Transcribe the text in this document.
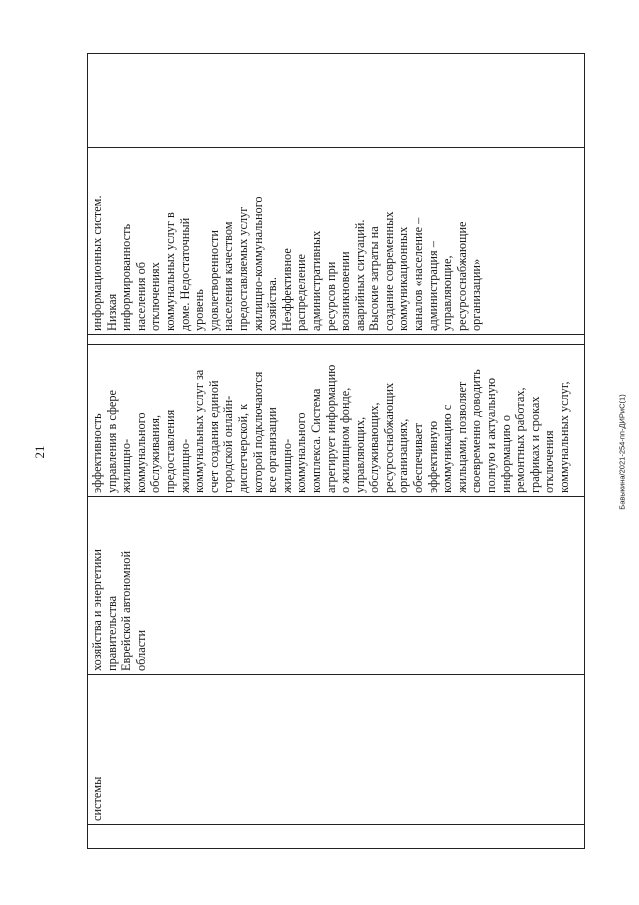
21	Бавыкина/2021-254-пп-ДИРиС(1)
системы
хозяйства и энергетики правительства Еврейской автономной области
эффективность управления в сфере жилищно- коммунального обслуживания, предоставления жилищно- коммунальных услуг за счет создания единой городской онлайн- диспетчерской, к которой подключаются все организации жилищно- коммунального комплекса. Система агрегирует информацию о жилищном фонде, управляющих, обслуживающих, ресурсоснабжающих организациях, обеспечивает эффективную коммуникацию с жильцами, позволяет своевременно доводить полную и актуальную информацию о ремонтных работах, графиках и сроках отключения коммунальных услуг,
информационных систем. Низкая информированность населения об отключениях коммунальных услуг в доме. Недостаточный уровень удовлетворенности населения качеством предоставляемых услуг жилищно-коммунального хозяйства. Неэффективное распределение административных ресурсов при возникновении аварийных ситуаций. Высокие затраты на создание современных коммуникационных каналов «население – администрация – управляющие, ресурсоснабжающие организации»
